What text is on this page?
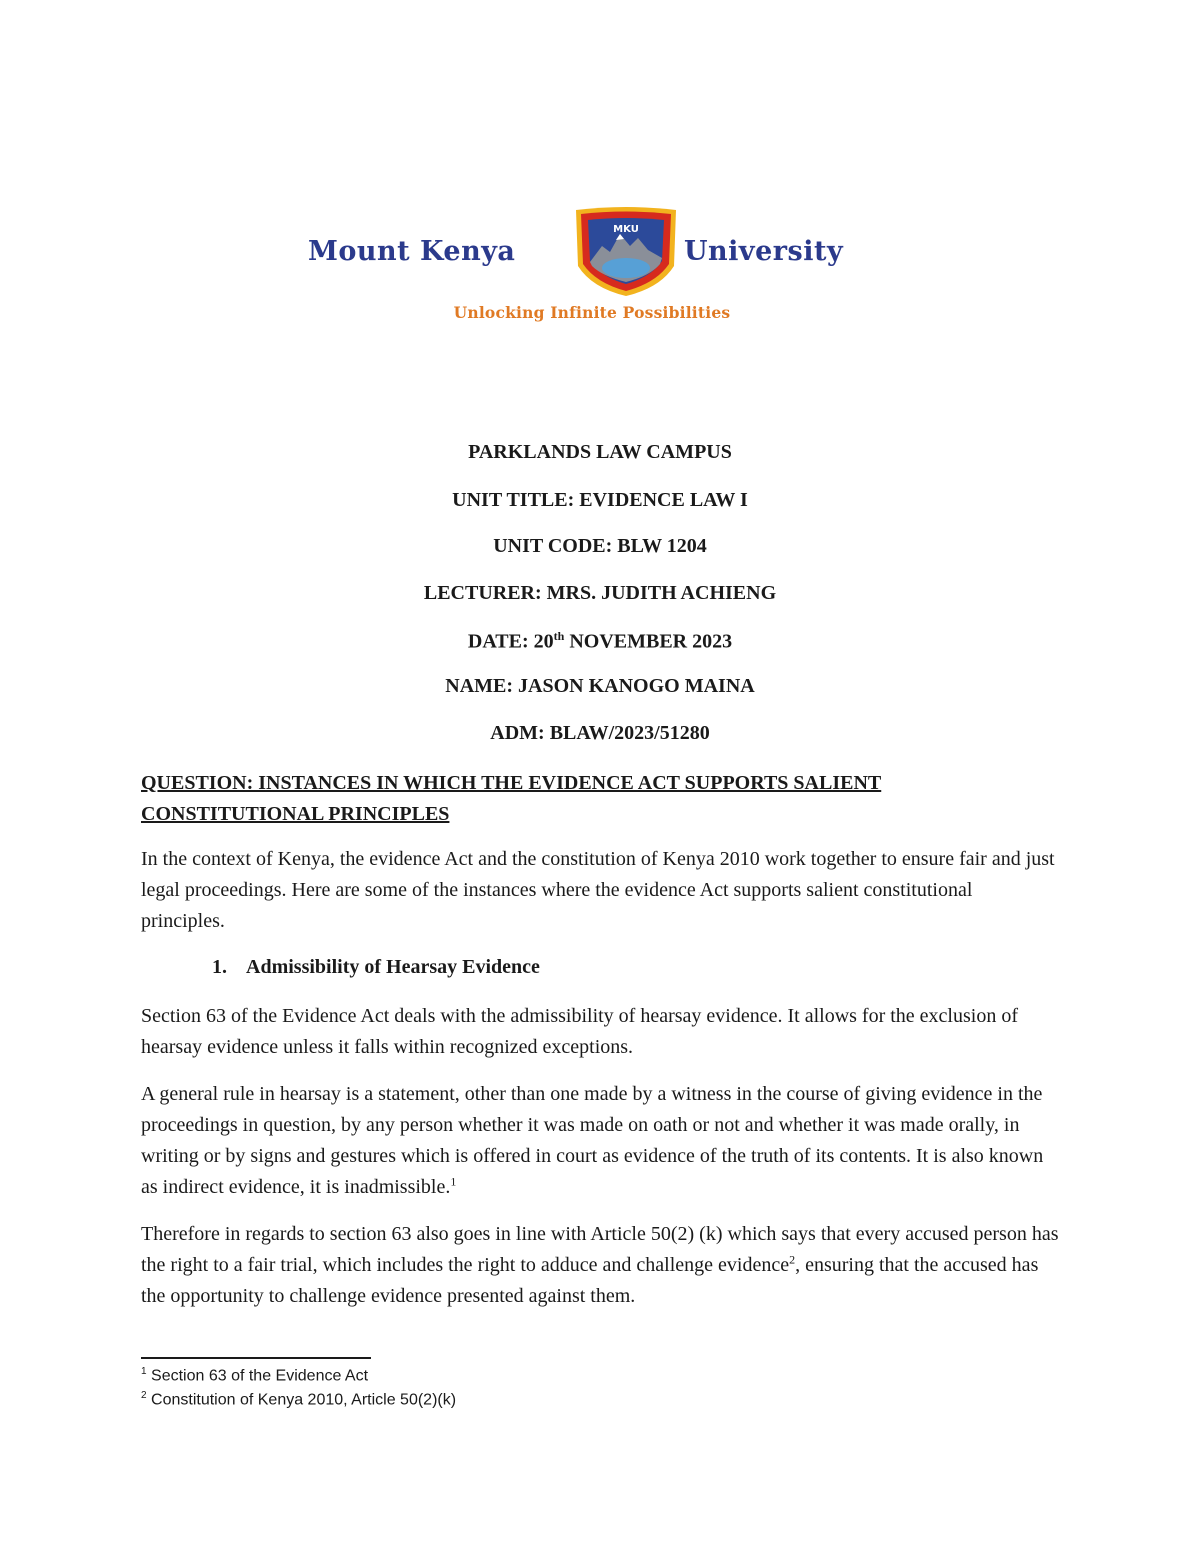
Mount Kenya
MKU
University
Unlocking Infinite Possibilities
PARKLANDS LAW CAMPUS
UNIT TITLE: EVIDENCE LAW I
UNIT CODE: BLW 1204
LECTURER: MRS. JUDITH ACHIENG
DATE: 20th NOVEMBER 2023
NAME: JASON KANOGO MAINA
ADM: BLAW/2023/51280
QUESTION: INSTANCES IN WHICH THE EVIDENCE ACT SUPPORTS SALIENT CONSTITUTIONAL PRINCIPLES
In the context of Kenya, the evidence Act and the constitution of Kenya 2010 work together to ensure fair and just legal proceedings. Here are some of the instances where the evidence Act supports salient constitutional principles.
1. Admissibility of Hearsay Evidence
Section 63 of the Evidence Act deals with the admissibility of hearsay evidence. It allows for the exclusion of hearsay evidence unless it falls within recognized exceptions.
A general rule in hearsay is a statement, other than one made by a witness in the course of giving evidence in the proceedings in question, by any person whether it was made on oath or not and whether it was made orally, in writing or by signs and gestures which is offered in court as evidence of the truth of its contents. It is also known as indirect evidence, it is inadmissible.$^1$
Therefore in regards to section 63 also goes in line with Article 50(2) (k) which says that every accused person has the right to a fair trial, which includes the right to adduce and challenge evidence$^2$, ensuring that the accused has the opportunity to challenge evidence presented against them.
$^1$ Section 63 of the Evidence Act
$^2$ Constitution of Kenya 2010, Article 50(2)(k)
